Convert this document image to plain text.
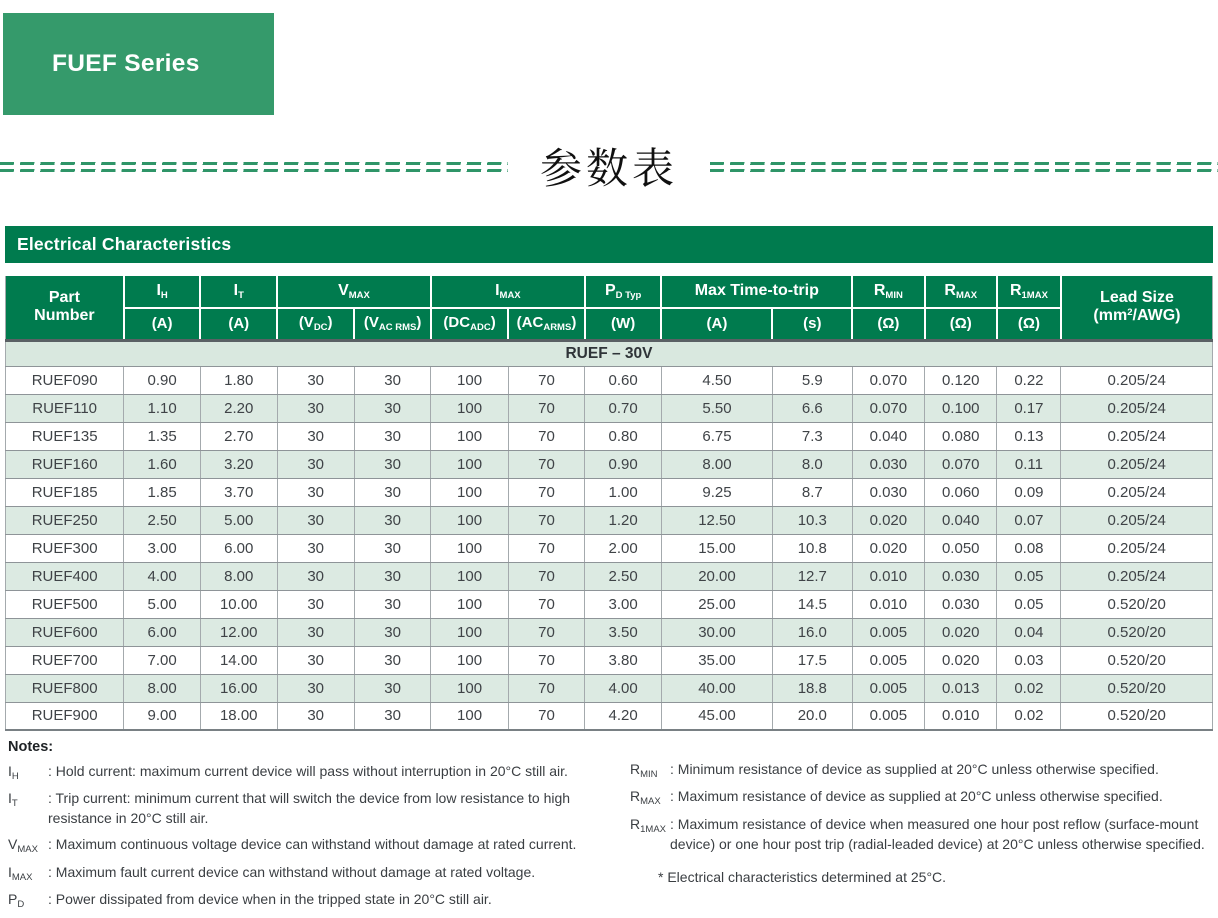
FUEF Series
参数表
Electrical Characteristics
Part
Number
	IH	IT	VMAX	IMAX	PD Typ	Max Time-to-trip	RMIN	RMAX	R1MAX	Lead Size
$(mm^2/AWG)$

	(A)	(A)	$(V_{DC})$	$(V_{AC RMS})$	$(DC_{ADC})$	$(AC_{ARMS})$	(W)	(A)	(s)	(Ω)	(Ω)	(Ω)	
RUEF – 30V													
RUEF090	0.90	1.80	30	30	100	70	0.60	4.50	5.9	0.070	0.120	0.22	0.205/24
RUEF110	1.10	2.20	30	30	100	70	0.70	5.50	6.6	0.070	0.100	0.17	0.205/24
RUEF135	1.35	2.70	30	30	100	70	0.80	6.75	7.3	0.040	0.080	0.13	0.205/24
RUEF160	1.60	3.20	30	30	100	70	0.90	8.00	8.0	0.030	0.070	0.11	0.205/24
RUEF185	1.85	3.70	30	30	100	70	1.00	9.25	8.7	0.030	0.060	0.09	0.205/24
RUEF250	2.50	5.00	30	30	100	70	1.20	12.50	10.3	0.020	0.040	0.07	0.205/24
RUEF300	3.00	6.00	30	30	100	70	2.00	15.00	10.8	0.020	0.050	0.08	0.205/24
RUEF400	4.00	8.00	30	30	100	70	2.50	20.00	12.7	0.010	0.030	0.05	0.205/24
RUEF500	5.00	10.00	30	30	100	70	3.00	25.00	14.5	0.010	0.030	0.05	0.520/20
RUEF600	6.00	12.00	30	30	100	70	3.50	30.00	16.0	0.005	0.020	0.04	0.520/20
RUEF700	7.00	14.00	30	30	100	70	3.80	35.00	17.5	0.005	0.020	0.03	0.520/20
RUEF800	8.00	16.00	30	30	100	70	4.00	40.00	18.8	0.005	0.013	0.02	0.520/20
RUEF900	9.00	18.00	30	30	100	70	4.20	45.00	20.0	0.005	0.010	0.02	0.520/20
Notes:
$I_H$	: Hold current: maximum current device will pass without interruption in 20°C still air.
$I_T$	: Trip current: minimum current that will switch the device from low resistance to high resistance in 20°C still air.
$V_{MAX}$ : Maximum continuous voltage device can withstand without damage at rated current.
$I_{MAX}$	: Maximum fault current device can withstand without damage at rated voltage.
$P_D$	: Power dissipated from device when in the tripped state in 20°C still air.
$R_{MIN}$ : Minimum resistance of device as supplied at 20°C unless otherwise specified.
$R_{MAX}$ : Maximum resistance of device as supplied at 20°C unless otherwise specified.
$R_{1MAX}$ : Maximum resistance of device when measured one hour post reflow (surface-mount device) or one hour post trip (radial-leaded device) at 20°C unless otherwise specified.
* Electrical characteristics determined at 25°C.
